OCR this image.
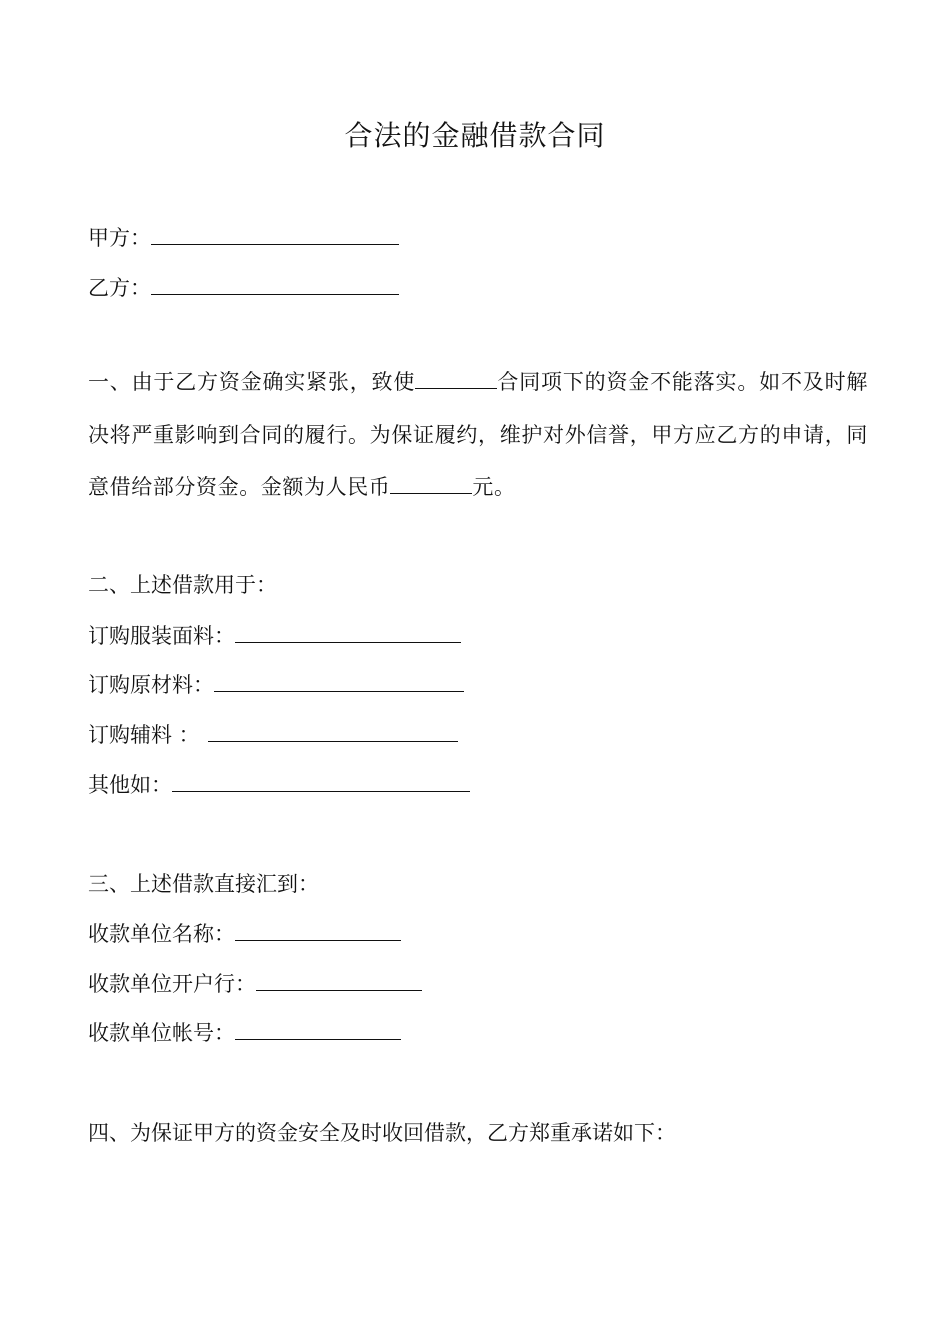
合法的金融借款合同
甲方：
乙方：
一、由于乙方资金确实紧张，致使	合同项下的资金不能落实。如不及时解决将严重影响到合同的履行。为保证履约，维护对外信誉，甲方应乙方的申请，同意借给部分资金。金额为人民币	元。
二、上述借款用于：
订购服装面料：
订购原材料：
订购辅料 ：
其他如：
三、上述借款直接汇到：
收款单位名称：
收款单位开户行：
收款单位帐号：
四、为保证甲方的资金安全及时收回借款，乙方郑重承诺如下：
